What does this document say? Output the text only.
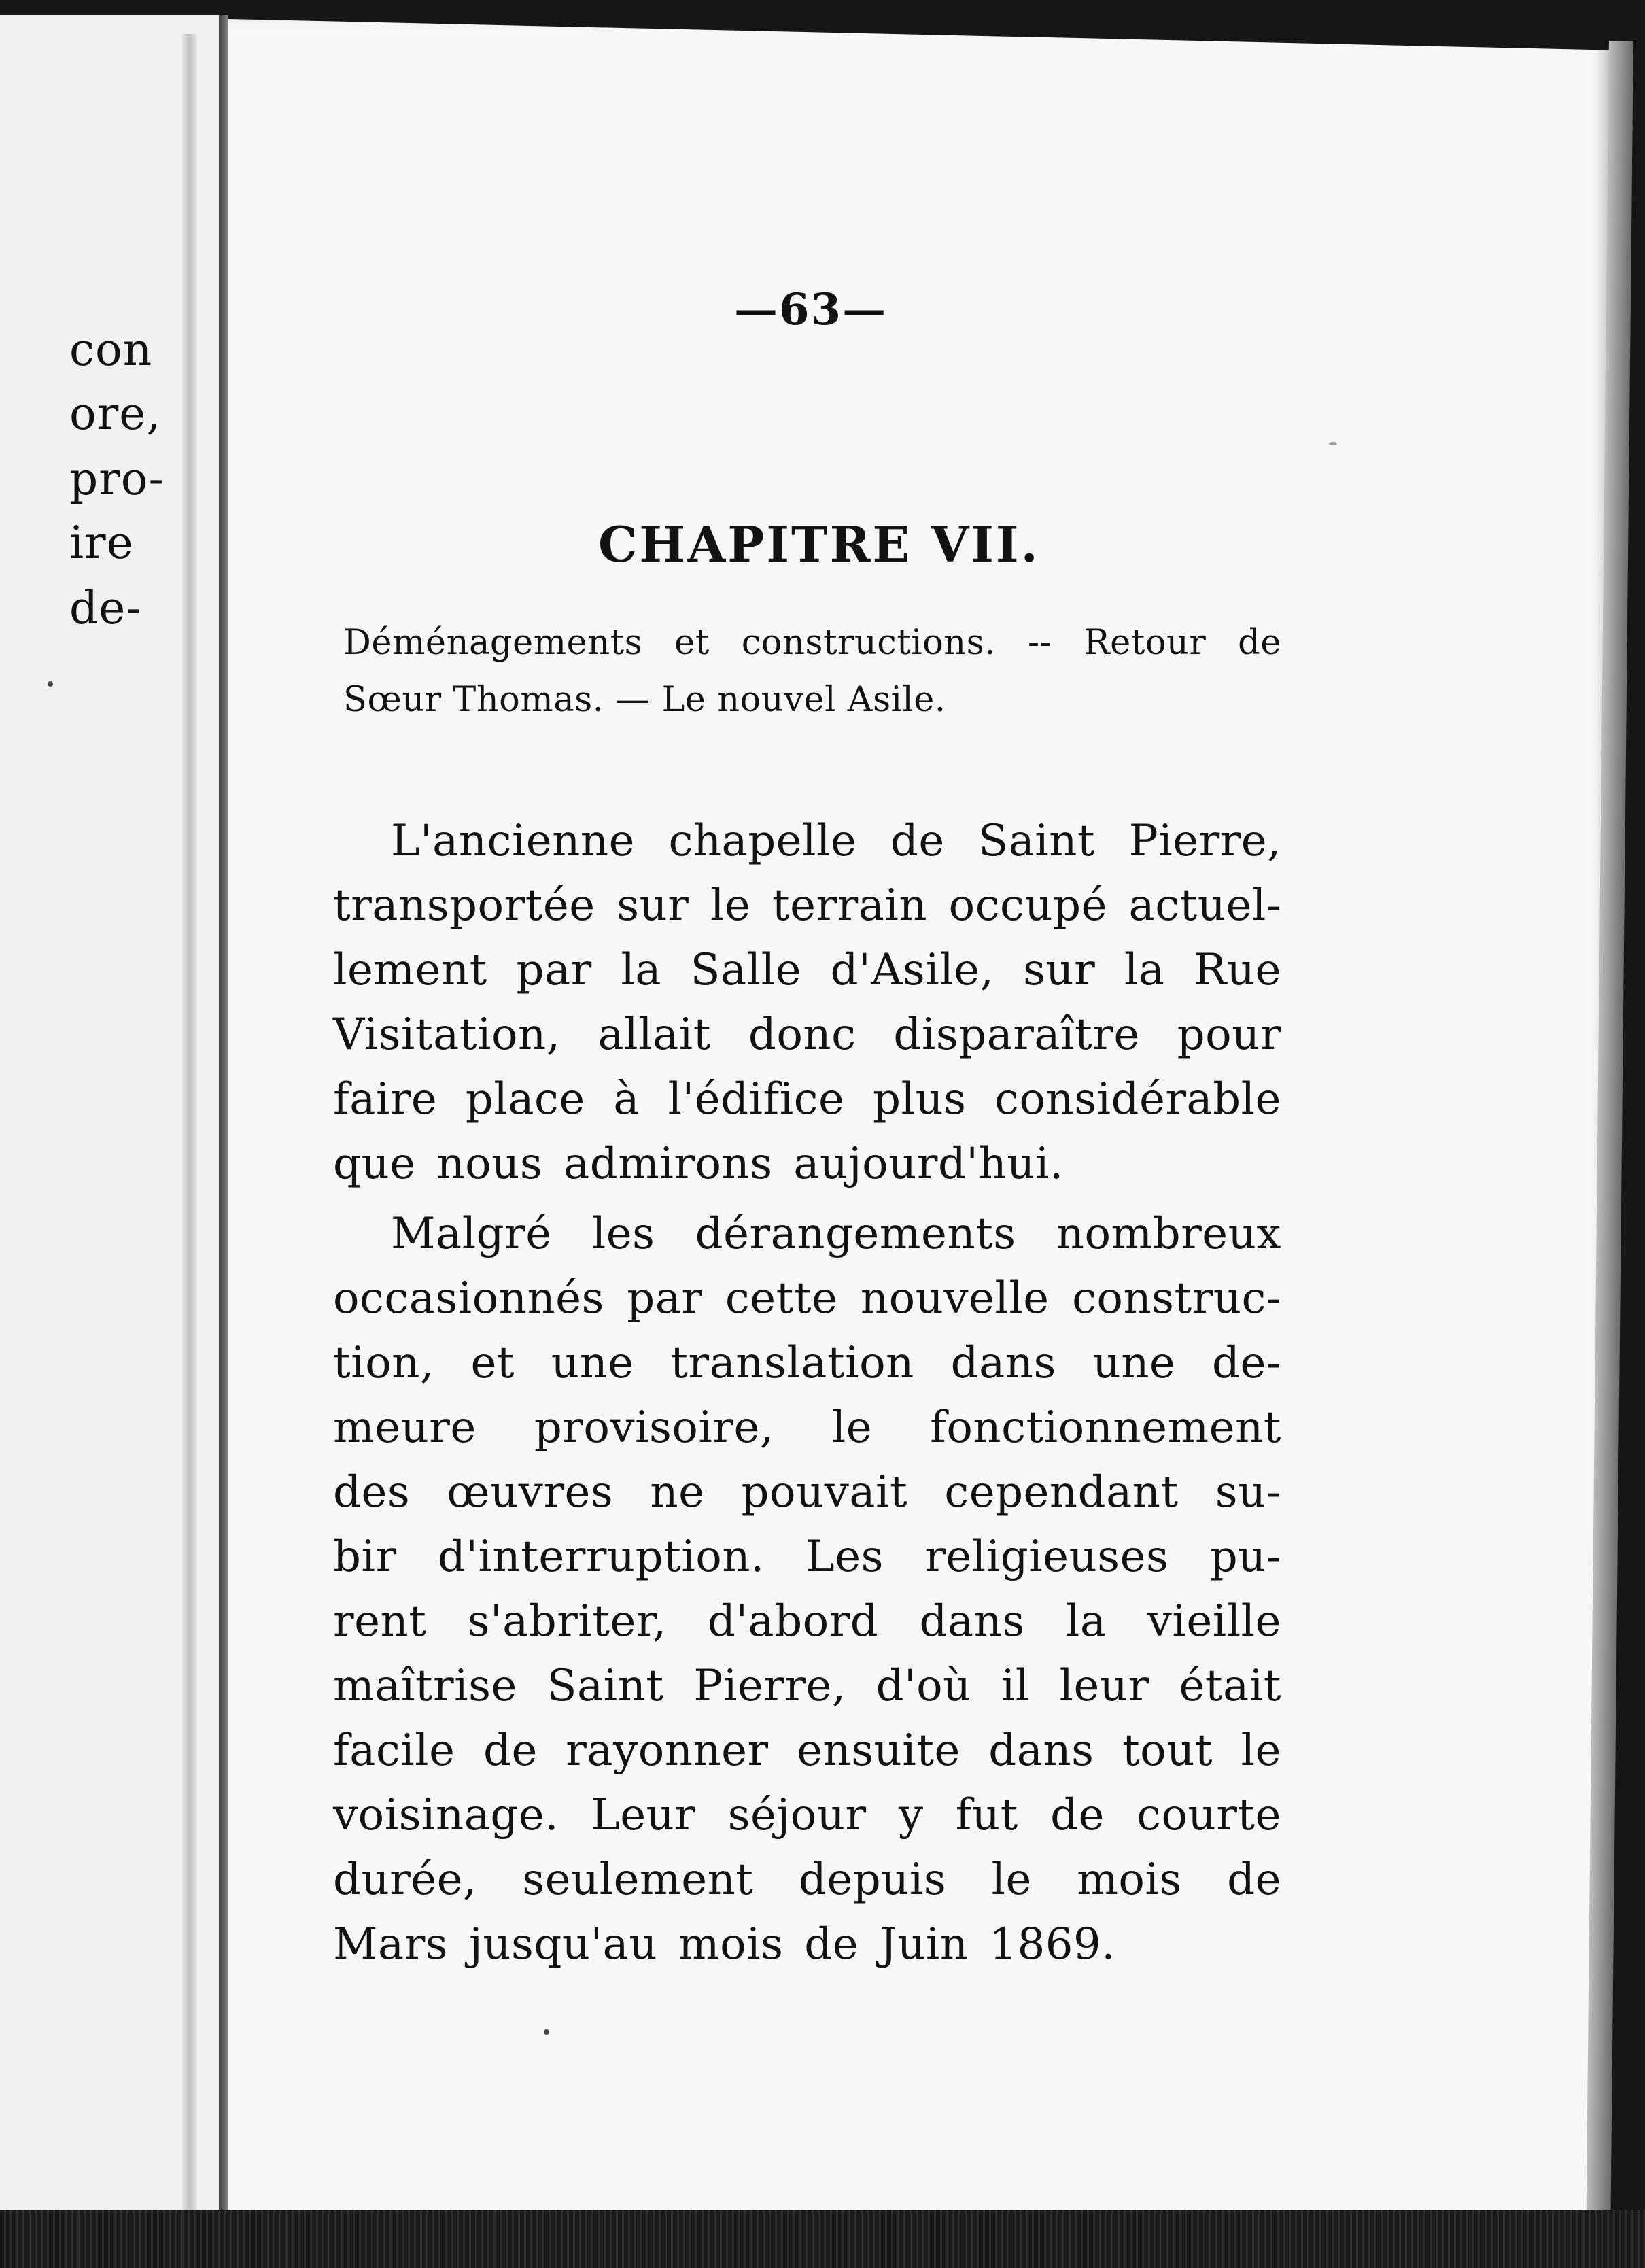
con
ore,
pro-
ire
de-
—63—
CHAPITRE VII.
Déménagements et constructions. -- Retour de
Sœur Thomas. — Le nouvel Asile.
L'ancienne chapelle de Saint Pierre,
transportée sur le terrain occupé actuel-
lement par la Salle d'Asile, sur la Rue
Visitation, allait donc disparaître pour
faire place à l'édifice plus considérable
que nous admirons aujourd'hui.
Malgré les dérangements nombreux
occasionnés par cette nouvelle construc-
tion, et une translation dans une de-
meure provisoire, le fonctionnement
des œuvres ne pouvait cependant su-
bir d'interruption. Les religieuses pu-
rent s'abriter, d'abord dans la vieille
maîtrise Saint Pierre, d'où il leur était
facile de rayonner ensuite dans tout le
voisinage. Leur séjour y fut de courte
durée, seulement depuis le mois de
Mars jusqu'au mois de Juin 1869.
